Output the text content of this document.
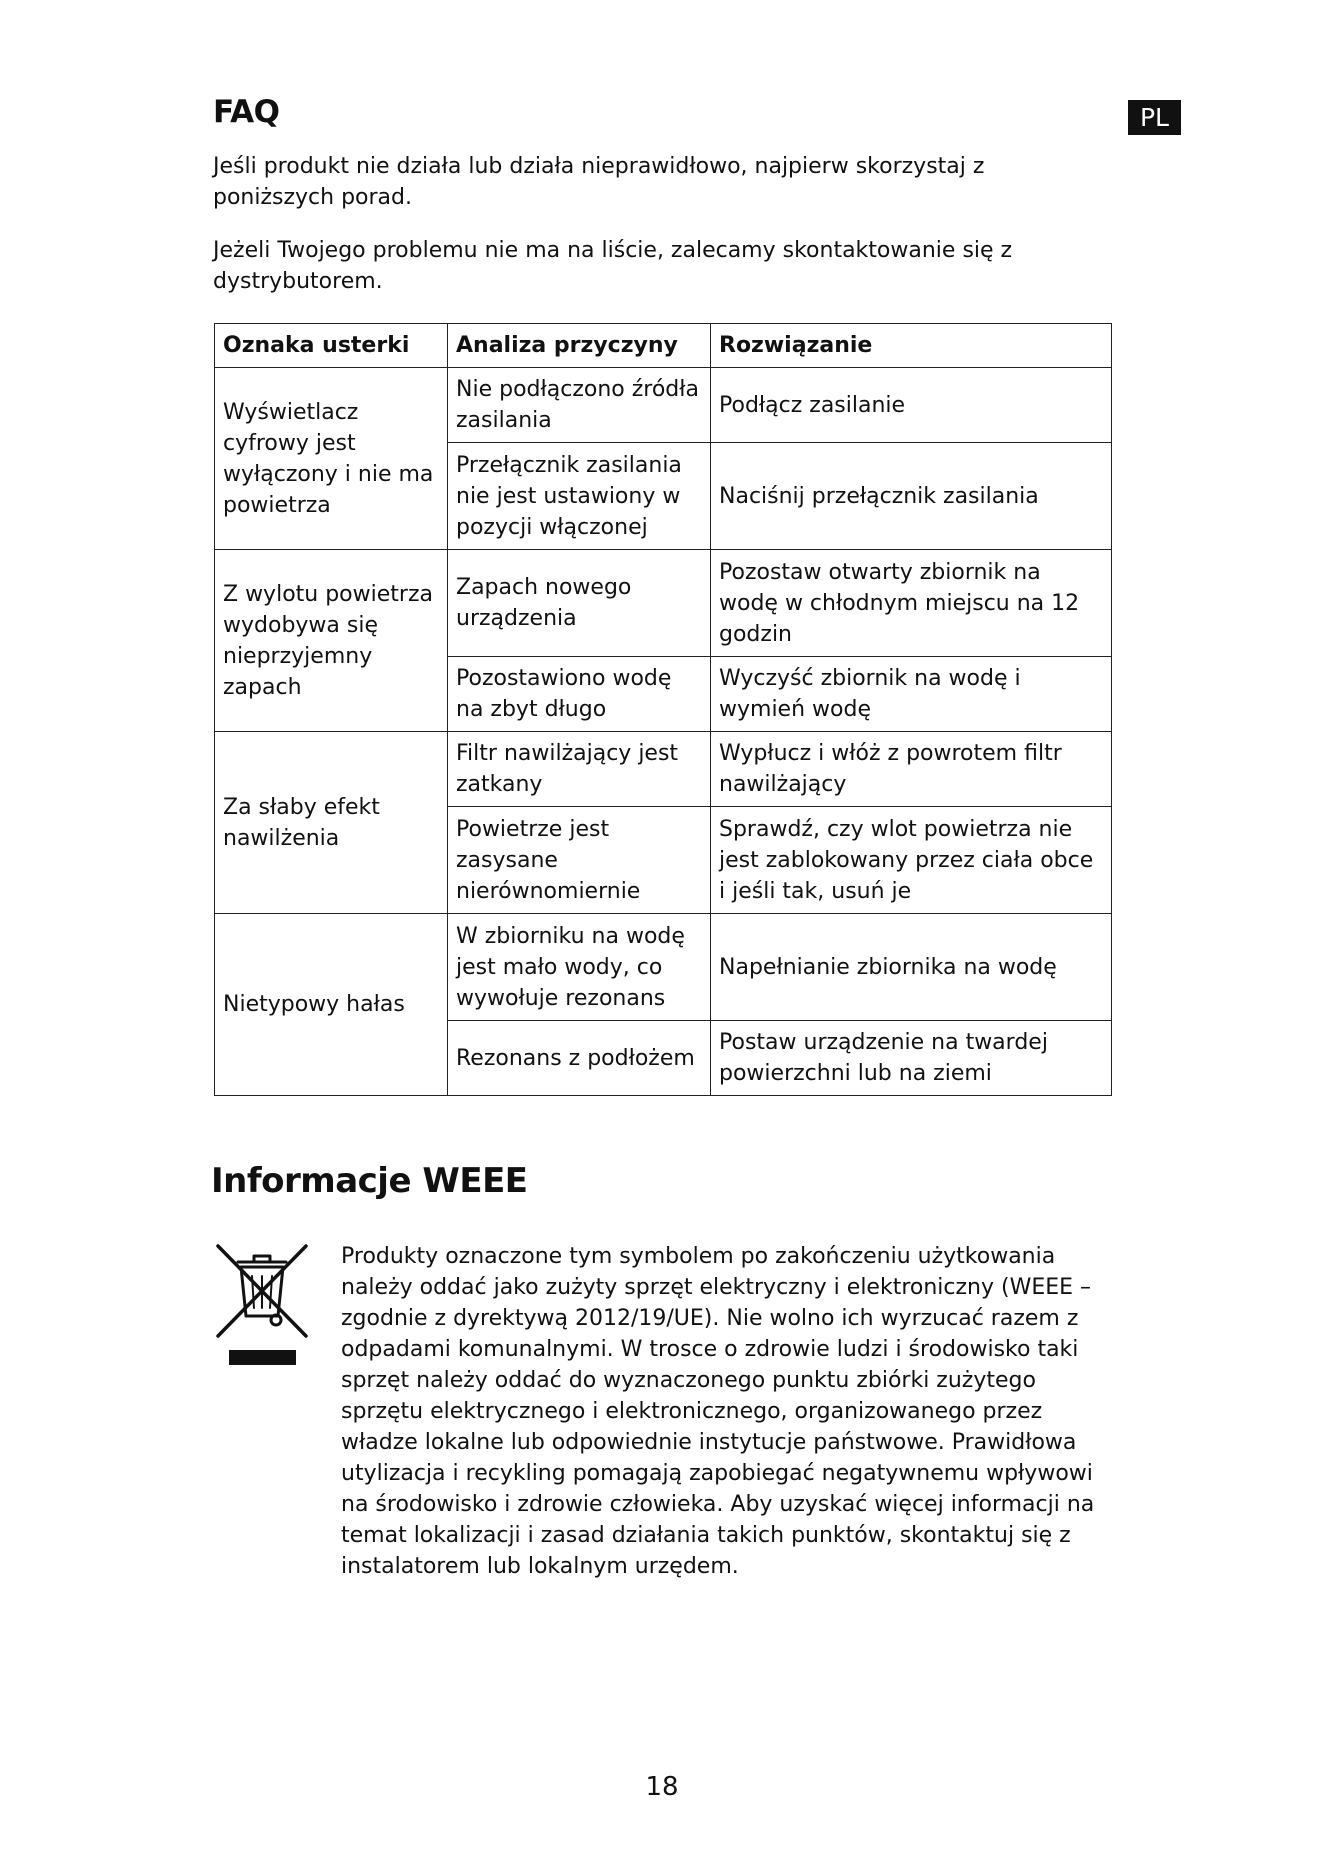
FAQ	PL

Jeśli produkt nie działa lub działa nieprawidłowo, najpierw skorzystaj z poniższych porad.

Jeżeli Twojego problemu nie ma na liście, zalecamy skontaktowanie się z dystrybutorem.

Oznaka usterki	Analiza przyczyny	Rozwiązanie
Wyświetlacz cyfrowy jest wyłączony i nie ma powietrza	Nie podłączono źródła zasilania	Podłącz zasilanie
	Przełącznik zasilania nie jest ustawiony w pozycji włączonej	Naciśnij przełącznik zasilania
Z wylotu powietrza wydobywa się nieprzyjemny zapach	Zapach nowego urządzenia	Pozostaw otwarty zbiornik na wodę w chłodnym miejscu na 12 godzin
	Pozostawiono wodę na zbyt długo	Wyczyść zbiornik na wodę i wymień wodę
Za słaby efekt nawilżenia	Filtr nawilżający jest zatkany	Wypłucz i włóż z powrotem filtr nawilżający
	Powietrze jest zasysane nierównomiernie	Sprawdź, czy wlot powietrza nie jest zablokowany przez ciała obce i jeśli tak, usuń je
Nietypowy hałas	W zbiorniku na wodę jest mało wody, co wywołuje rezonans	Napełnianie zbiornika na wodę
	Rezonans z podłożem	Postaw urządzenie na twardej powierzchni lub na ziemi
Informacje WEEE

Produkty oznaczone tym symbolem po zakończeniu użytkowania należy oddać jako zużyty sprzęt elektryczny i elektroniczny (WEEE – zgodnie z dyrektywą 2012/19/UE). Nie wolno ich wyrzucać razem z odpadami komunalnymi. W trosce o zdrowie ludzi i środowisko taki sprzęt należy oddać do wyznaczonego punktu zbiórki zużytego sprzętu elektrycznego i elektronicznego, organizowanego przez władze lokalne lub odpowiednie instytucje państwowe. Prawidłowa utylizacja i recykling pomagają zapobiegać negatywnemu wpływowi na środowisko i zdrowie człowieka. Aby uzyskać więcej informacji na temat lokalizacji i zasad działania takich punktów, skontaktuj się z instalatorem lub lokalnym urzędem.

18
